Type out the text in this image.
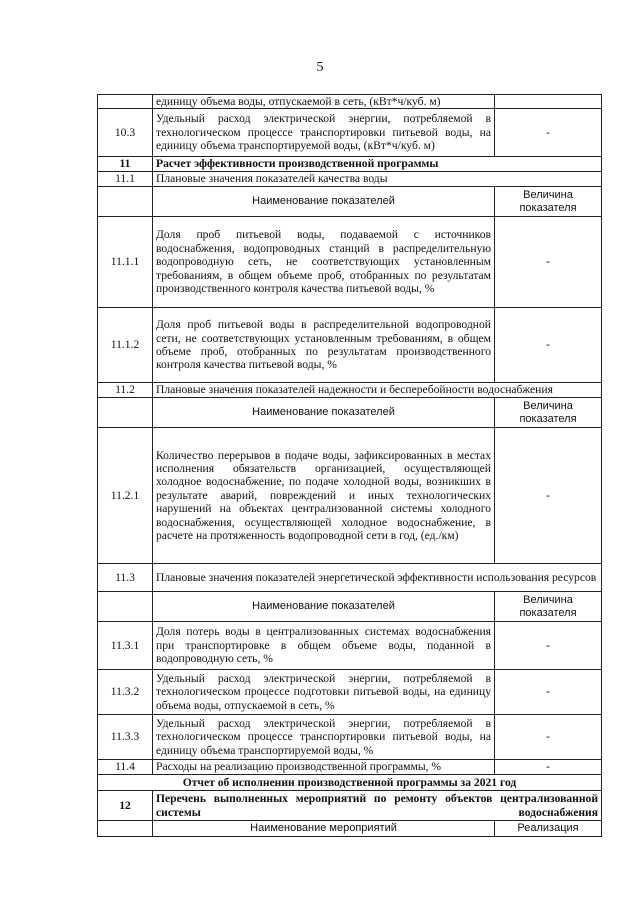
5
	единицу объема воды, отпускаемой в сеть, (кВт*ч/куб. м)	
10.3	Удельный расход электрической энергии, потребляемой в технологическом процессе транспортировки питьевой воды, на единицу объема транспортируемой воды, (кВт*ч/куб. м)	-
11	Расчет эффективности производственной программы	
11.1	Плановые значения показателей качества воды	
	Наименование показателей	Величина показателя
11.1.1	Доля проб питьевой воды, подаваемой с источников водоснабжения, водопроводных станций в распределительную водопроводную сеть, не соответствующих установленным требованиям, в общем объеме проб, отобранных по результатам производственного контроля качества питьевой воды, %	-
11.1.2	Доля проб питьевой воды в распределительной водопроводной сети, не соответствующих установленным требованиям, в общем объеме проб, отобранных по результатам производственного контроля качества питьевой воды, %	-
11.2	Плановые значения показателей надежности и бесперебойности водоснабжения	
	Наименование показателей	Величина показателя
11.2.1	Количество перерывов в подаче воды, зафиксированных в местах исполнения обязательств организацией, осуществляющей холодное водоснабжение, по подаче холодной воды, возникших в результате аварий, повреждений и иных технологических нарушений на объектах централизованной системы холодного водоснабжения, осуществляющей холодное водоснабжение, в расчете на протяженность водопроводной сети в год, (ед./км)	-
11.3	Плановые значения показателей энергетической эффективности использования ресурсов	
	Наименование показателей	Величина показателя
11.3.1	Доля потерь воды в централизованных системах водоснабжения при транспортировке в общем объеме воды, поданной в водопроводную сеть, %	-
11.3.2	Удельный расход электрической энергии, потребляемой в технологическом процессе подготовки питьевой воды, на единицу объема воды, отпускаемой в сеть, %	-
11.3.3	Удельный расход электрической энергии, потребляемой в технологическом процессе транспортировки питьевой воды, на единицу объема транспортируемой воды, %	-
11.4	Расходы на реализацию производственной программы, %	-
Отчет об исполнении производственной программы за 2021 год		
12	Перечень выполненных мероприятий по ремонту объектов централизованной системы водоснабжения	
	Наименование мероприятий	Реализация
